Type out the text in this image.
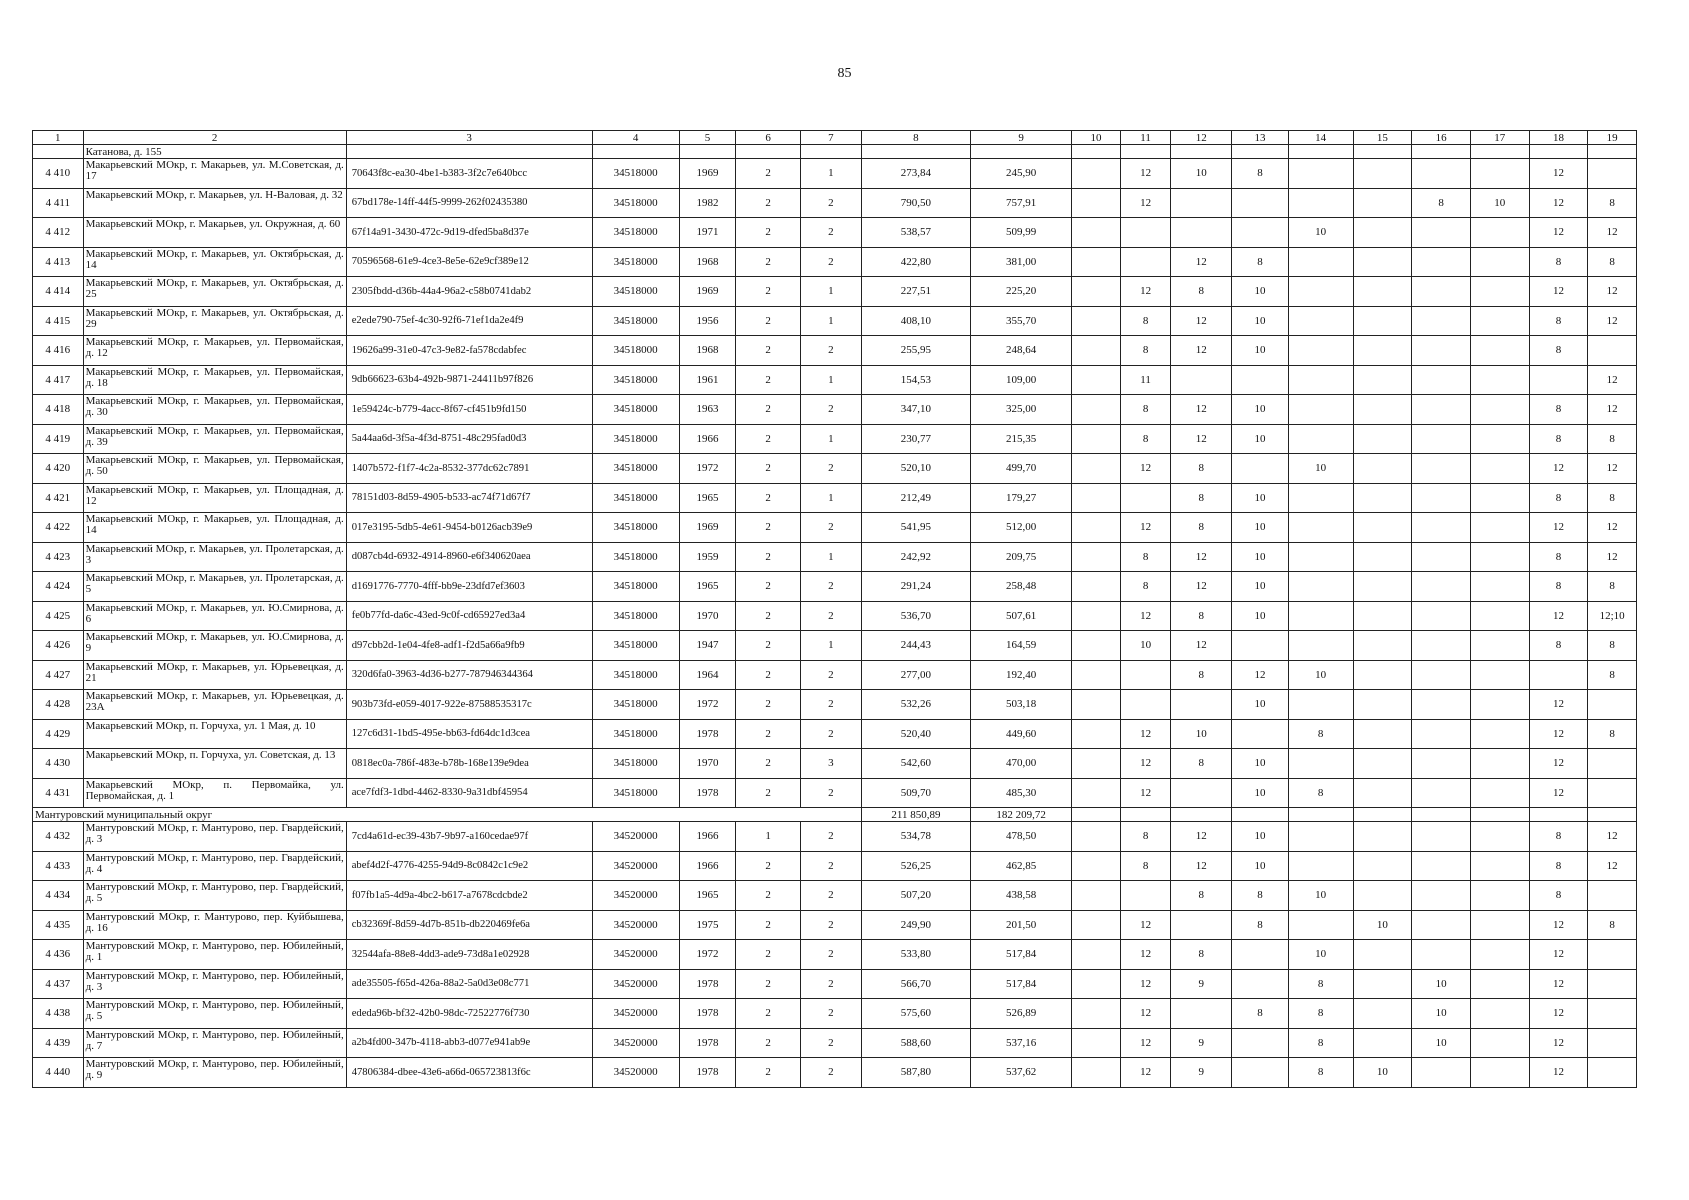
85
1	2	3	4	5	6	7	8	9	10	11	12	13	14	15	16	17	18	19
	Катанова, д. 155																	
4 410	Макарьевский МОкр, г. Макарьев, ул. М.Советская, д. 17	70643f8c-ea30-4be1-b383-3f2c7e640bcc	34518000	1969	2	1	273,84	245,90		12	10	8					12	
4 411	Макарьевский МОкр, г. Макарьев, ул. Н-Валовая, д. 32	67bd178e-14ff-44f5-9999-262f02435380	34518000	1982	2	2	790,50	757,91		12					8	10	12	8
4 412	Макарьевский МОкр, г. Макарьев, ул. Окружная, д. 60	67f14a91-3430-472c-9d19-dfed5ba8d37e	34518000	1971	2	2	538,57	509,99					10				12	12
4 413	Макарьевский МОкр, г. Макарьев, ул. Октябрьская, д. 14	70596568-61e9-4ce3-8e5e-62e9cf389e12	34518000	1968	2	2	422,80	381,00			12	8					8	8
4 414	Макарьевский МОкр, г. Макарьев, ул. Октябрьская, д. 25	2305fbdd-d36b-44a4-96a2-c58b0741dab2	34518000	1969	2	1	227,51	225,20		12	8	10					12	12
4 415	Макарьевский МОкр, г. Макарьев, ул. Октябрьская, д. 29	e2ede790-75ef-4c30-92f6-71ef1da2e4f9	34518000	1956	2	1	408,10	355,70		8	12	10					8	12
4 416	Макарьевский МОкр, г. Макарьев, ул. Первомайская, д. 12	19626a99-31e0-47c3-9e82-fa578cdabfec	34518000	1968	2	2	255,95	248,64		8	12	10					8	
4 417	Макарьевский МОкр, г. Макарьев, ул. Первомайская, д. 18	9db66623-63b4-492b-9871-24411b97f826	34518000	1961	2	1	154,53	109,00		11								12
4 418	Макарьевский МОкр, г. Макарьев, ул. Первомайская, д. 30	1e59424c-b779-4acc-8f67-cf451b9fd150	34518000	1963	2	2	347,10	325,00		8	12	10					8	12
4 419	Макарьевский МОкр, г. Макарьев, ул. Первомайская, д. 39	5a44aa6d-3f5a-4f3d-8751-48c295fad0d3	34518000	1966	2	1	230,77	215,35		8	12	10					8	8
4 420	Макарьевский МОкр, г. Макарьев, ул. Первомайская, д. 50	1407b572-f1f7-4c2a-8532-377dc62c7891	34518000	1972	2	2	520,10	499,70		12	8		10				12	12
4 421	Макарьевский МОкр, г. Макарьев, ул. Площадная, д. 12	78151d03-8d59-4905-b533-ac74f71d67f7	34518000	1965	2	1	212,49	179,27			8	10					8	8
4 422	Макарьевский МОкр, г. Макарьев, ул. Площадная, д. 14	017e3195-5db5-4e61-9454-b0126acb39e9	34518000	1969	2	2	541,95	512,00		12	8	10					12	12
4 423	Макарьевский МОкр, г. Макарьев, ул. Пролетарская, д. 3	d087cb4d-6932-4914-8960-e6f340620aea	34518000	1959	2	1	242,92	209,75		8	12	10					8	12
4 424	Макарьевский МОкр, г. Макарьев, ул. Пролетарская, д. 5	d1691776-7770-4fff-bb9e-23dfd7ef3603	34518000	1965	2	2	291,24	258,48		8	12	10					8	8
4 425	Макарьевский МОкр, г. Макарьев, ул. Ю.Смирнова, д. 6	fe0b77fd-da6c-43ed-9c0f-cd65927ed3a4	34518000	1970	2	2	536,70	507,61		12	8	10					12	12;10
4 426	Макарьевский МОкр, г. Макарьев, ул. Ю.Смирнова, д. 9	d97cbb2d-1e04-4fe8-adf1-f2d5a66a9fb9	34518000	1947	2	1	244,43	164,59		10	12						8	8
4 427	Макарьевский МОкр, г. Макарьев, ул. Юрьевецкая, д. 21	320d6fa0-3963-4d36-b277-787946344364	34518000	1964	2	2	277,00	192,40			8	12	10					8
4 428	Макарьевский МОкр, г. Макарьев, ул. Юрьевецкая, д. 23А	903b73fd-e059-4017-922e-87588535317c	34518000	1972	2	2	532,26	503,18				10					12	
4 429	Макарьевский МОкр, п. Горчуха, ул. 1 Мая, д. 10	127c6d31-1bd5-495e-bb63-fd64dc1d3cea	34518000	1978	2	2	520,40	449,60		12	10		8				12	8
4 430	Макарьевский МОкр, п. Горчуха, ул. Советская, д. 13	0818ec0a-786f-483e-b78b-168e139e9dea	34518000	1970	2	3	542,60	470,00		12	8	10					12	
4 431	Макарьевский МОкр, п. Первомайка, ул. Первомайская, д. 1	ace7fdf3-1dbd-4462-8330-9a31dbf45954	34518000	1978	2	2	509,70	485,30		12		10	8				12	
Мантуровский муниципальный округ							211 850,89	182 209,72										
4 432	Мантуровский МОкр, г. Мантурово, пер. Гвардейский, д. 3	7cd4a61d-ec39-43b7-9b97-a160cedae97f	34520000	1966	1	2	534,78	478,50		8	12	10					8	12
4 433	Мантуровский МОкр, г. Мантурово, пер. Гвардейский, д. 4	abef4d2f-4776-4255-94d9-8c0842c1c9e2	34520000	1966	2	2	526,25	462,85		8	12	10					8	12
4 434	Мантуровский МОкр, г. Мантурово, пер. Гвардейский, д. 5	f07fb1a5-4d9a-4bc2-b617-a7678cdcbde2	34520000	1965	2	2	507,20	438,58			8	8	10				8	
4 435	Мантуровский МОкр, г. Мантурово, пер. Куйбышева, д. 16	cb32369f-8d59-4d7b-851b-db220469fe6a	34520000	1975	2	2	249,90	201,50		12		8		10			12	8
4 436	Мантуровский МОкр, г. Мантурово, пер. Юбилейный, д. 1	32544afa-88e8-4dd3-ade9-73d8a1e02928	34520000	1972	2	2	533,80	517,84		12	8		10				12	
4 437	Мантуровский МОкр, г. Мантурово, пер. Юбилейный, д. 3	ade35505-f65d-426a-88a2-5a0d3e08c771	34520000	1978	2	2	566,70	517,84		12	9		8		10		12	
4 438	Мантуровский МОкр, г. Мантурово, пер. Юбилейный, д. 5	ededa96b-bf32-42b0-98dc-72522776f730	34520000	1978	2	2	575,60	526,89		12		8	8		10		12	
4 439	Мантуровский МОкр, г. Мантурово, пер. Юбилейный, д. 7	a2b4fd00-347b-4118-abb3-d077e941ab9e	34520000	1978	2	2	588,60	537,16		12	9		8		10		12	
4 440	Мантуровский МОкр, г. Мантурово, пер. Юбилейный, д. 9	47806384-dbee-43e6-a66d-065723813f6c	34520000	1978	2	2	587,80	537,62		12	9		8	10			12	
